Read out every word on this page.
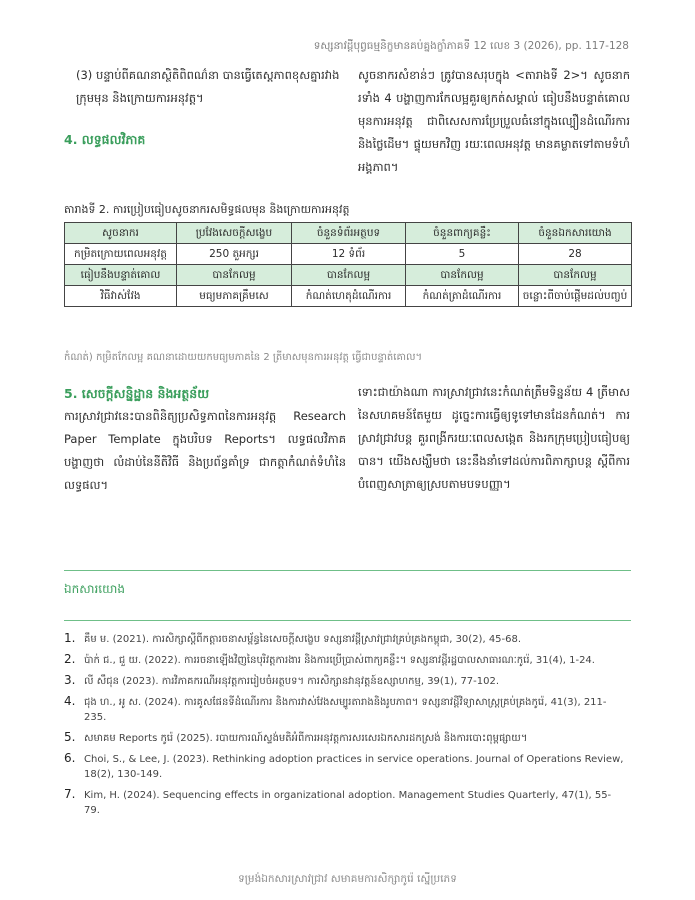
ទស្សនាវដ្ដីបុព្វធម្មនិក្ខមានគប់គ្នងក្ខាំភាគទី 12 លេខ 3 (2026), pp. 117-128

(3) បន្ទាប់ពីគណនាស្ថិតិពិពណ៌នា បានធ្វើតេស្តភាពខុសគ្នារវាងក្រុមមុន និងក្រោយការអនុវត្ត។

4. លទ្ធផលវិភាគ

សូចនាករសំខាន់ៗ ត្រូវបានសរុបក្នុង <តារាងទី 2>។ សូចនាករទាំង 4 បង្ហាញការកែលម្អគួរឲ្យកត់សម្គាល់ ធៀបនឹងបន្ទាត់គោលមុនការអនុវត្ត ជាពិសេសការប្រែប្រួលធំនៅក្នុងល្បឿនដំណើរការ និងថ្លៃដើម។ ផ្ទុយមកវិញ រយៈពេលអនុវត្ត មានគម្លាតទៅតាមទំហំអង្គភាព។

តារាងទី 2. ការប្រៀបធៀបសូចនាករសមិទ្ធផលមុន និងក្រោយការអនុវត្ត
សូចនាករ	ប្រវែងសេចក្តីសង្ខេប	ចំនួនទំព័រអត្ថបទ	ចំនួនពាក្យគន្លឹះ	ចំនួនឯកសារយោង
កម្រិតក្រោយពេលអនុវត្ត	250 តួអក្សរ	12 ទំព័រ	5	28
ធៀបនឹងបន្ទាត់គោល	បានកែលម្អ	បានកែលម្អ	បានកែលម្អ	បានកែលម្អ
វិធីវាស់វែង	មធ្យមភាគគ្រឹមសេ	កំណត់ហេតុដំណើរការ	កំណត់ត្រាដំណើរការ	ចន្លោះពីចាប់ផ្ដើមដល់បញ្ចប់
កំណត់) កម្រិតកែលម្អ គណនាដោយយកមធ្យមភាគនៃ 2 ត្រីមាសមុនការអនុវត្ត ធ្វើជាបន្ទាត់គោល។

5. សេចក្តីសន្និដ្ឋាន និងអត្ថន័យ

ការស្រាវជ្រាវនេះបានពិនិត្យប្រសិទ្ធភាពនៃការអនុវត្ត Research Paper Template ក្នុងបរិបទ Reports។ លទ្ធផលវិភាគបង្ហាញថា លំដាប់នៃនីតិវិធី និងប្រព័ន្ធគាំទ្រ ជាកត្តាកំណត់ទំហំនៃលទ្ធផល។

ទោះជាយ៉ាងណា ការស្រាវជ្រាវនេះកំណត់ត្រឹមទិន្នន័យ 4 ត្រីមាសនៃសហគមន៍តែមួយ ដូច្នេះការធ្វើឲ្យទូទៅមានដែនកំណត់។ ការស្រាវជ្រាវបន្ត គួរពង្រីករយៈពេលសង្កេត និងរកក្រុមប្រៀបធៀបឲ្យបាន។ យើងសង្ឃឹមថា នេះនឹងនាំទៅដល់ការពិភាក្សាបន្ត ស្ដីពីការបំពេញសាត្រាឲ្យស្របតាមបទបញ្ញា។

ឯកសារយោង
1. គឹម ម. (2021). ការសិក្សាស្ដីពីកត្តារចនាសម្ព័ន្ធនៃសេចក្តីសង្ខេប ទស្សនាវដ្ដីស្រាវជ្រាវគ្រប់គ្រងកម្ពុជា, 30(2), 45-68.
2. ប៉ាក់ ជ., ជួ យ. (2022). ការរចនាឡើងវិញនៃបុរិវត្តការងារ និងការប្រើប្រាស់ពាក្យគន្លឹះ។ ទស្សនាវដ្ដីរដ្ឋបាលសាធារណៈកូរ៉េ, 31(4), 1-24.
3. លី សឹជុន (2023). ការវិភាគករណីអនុវត្តការរៀបចំអត្ថបទ។ ការសិក្សានវានុវត្តន៍ឧស្សាហកម្ម, 39(1), 77-102.
4. ជុង ហ., អូ ស. (2024). ការគូសផែនទីដំណើរការ និងការវាស់វែងសម្បូរតារាងនិងរូបភាព។ ទស្សនាវដ្ដីវិទ្យាសាស្ត្រគ្រប់គ្រងកូរ៉េ, 41(3), 211-235.
5. សមាគម Reports កូរ៉េ (2025). របាយការណ៍ស្ទង់មតិអំពីការអនុវត្តការសរសេរឯកសារដកស្រង់ និងការបោះពុម្ពផ្សាយ។
6. Choi, S., & Lee, J. (2023). Rethinking adoption practices in service operations. Journal of Operations Review, 18(2), 130-149.
7. Kim, H. (2024). Sequencing effects in organizational adoption. Management Studies Quarterly, 47(1), 55-79.
ទម្រង់ឯកសារស្រាវជ្រាវ សមាគមការសិក្សាកូរ៉េ ស្នើប្រភេទ
